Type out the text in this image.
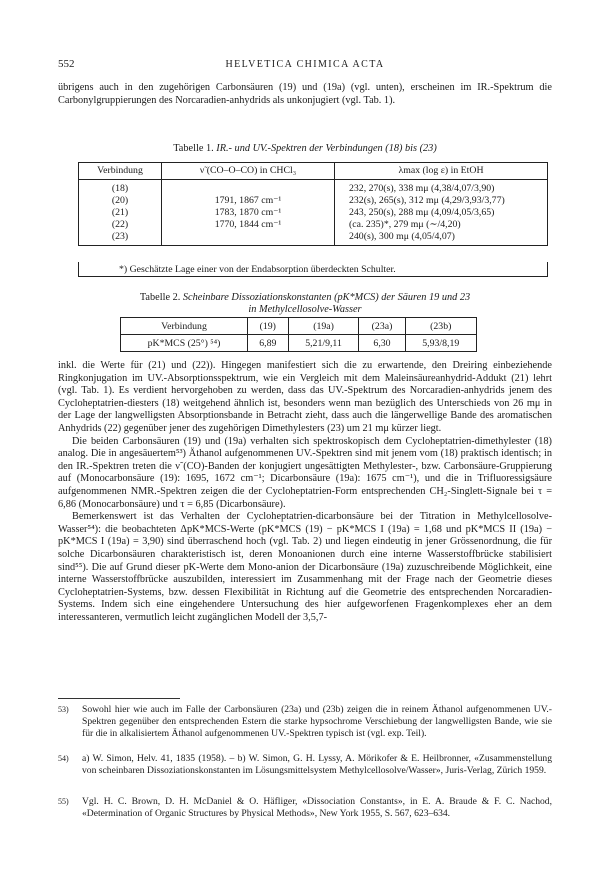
552	HELVETICA CHIMICA ACTA

übrigens auch in den zugehörigen Carbonsäuren (19) und (19a) (vgl. unten), erscheinen im IR.-Spektrum die Carbonylgruppierungen des Norcaradien-anhydrids als unkonjugiert (vgl. Tab. 1).

Tabelle 1. IR.- und UV.-Spektren der Verbindungen (18) bis (23)
Verbindung	ν̃ (CO–O–CO) in CHCl₃	λmax (log ε) in EtOH
(18)		232, 270(s), 338 mμ (4,38/4,07/3,90)
(20)	1791, 1867 cm⁻¹	232(s), 265(s), 312 mμ (4,29/3,93/3,77)
(21)	1783, 1870 cm⁻¹	243, 250(s), 288 mμ (4,09/4,05/3,65)
(22)	1770, 1844 cm⁻¹	(ca. 235)*, 279 mμ (∼/4,20)
(23)		240(s), 300 mμ (4,05/4,07)
*) Geschätzte Lage einer von der Endabsorption überdeckten Schulter.
Tabelle 2. Scheinbare Dissoziationskonstanten (pK*MCS) der Säuren 19 und 23
in Methylcellosolve-Wasser
Verbindung	(19)	(19a)	(23a)	(23b)
pK*MCS (25°) ⁵⁴)	6,89	5,21/9,11	6,30	5,93/8,19

inkl. die Werte für (21) und (22)). Hingegen manifestiert sich die zu erwartende, den Dreiring einbeziehende Ringkonjugation im UV.-Absorptionsspektrum, wie ein Vergleich mit dem Maleinsäureanhydrid-Addukt (21) lehrt (vgl. Tab. 1). Es verdient hervorgehoben zu werden, dass das UV.-Spektrum des Norcaradien-anhydrids jenem des Cycloheptatrien-diesters (18) weitgehend ähnlich ist, besonders wenn man bezüglich des Unterschieds von 26 mμ in der Lage der langwelligsten Absorptionsbande in Betracht zieht, dass auch die längerwellige Bande des aromatischen Anhydrids (22) gegenüber jener des zugehörigen Dimethylesters (23) um 21 mμ kürzer liegt.

Die beiden Carbonsäuren (19) und (19a) verhalten sich spektroskopisch dem Cycloheptatrien-dimethylester (18) analog. Die in angesäuertem⁵³) Äthanol aufgenommenen UV.-Spektren sind mit jenem vom (18) praktisch identisch; in den IR.-Spektren treten die ν̃ (CO)-Banden der konjugiert ungesättigten Methylester-, bzw. Carbonsäure-Gruppierung auf (Monocarbonsäure (19): 1695, 1672 cm⁻¹; Dicarbonsäure (19a): 1675 cm⁻¹), und die in Trifluoressigsäure aufgenommenen NMR.-Spektren zeigen die der Cycloheptatrien-Form entsprechenden CH₂-Singlett-Signale bei τ = 6,86 (Monocarbonsäure) und τ = 6,85 (Dicarbonsäure).

Bemerkenswert ist das Verhalten der Cycloheptatrien-dicarbonsäure bei der Titration in Methylcellosolve-Wasser⁵⁴): die beobachteten ΔpK*MCS-Werte (pK*MCS (19) − pK*MCS I (19a) = 1,68 und pK*MCS II (19a) − pK*MCS I (19a) = 3,90) sind überraschend hoch (vgl. Tab. 2) und liegen eindeutig in jener Grössenordnung, die für solche Dicarbonsäuren charakteristisch ist, deren Monoanionen durch eine interne Wasserstoffbrücke stabilisiert sind⁵⁵). Die auf Grund dieser pK-Werte dem Mono-anion der Dicarbonsäure (19a) zuzuschreibende Möglichkeit, eine interne Wasserstoffbrücke auszubilden, interessiert im Zusammenhang mit der Frage nach der Geometrie dieses Cycloheptatrien-Systems, bzw. dessen Flexibilität in Richtung auf die Geometrie des entsprechenden Norcaradien-Systems. Indem sich eine eingehendere Untersuchung des hier aufgeworfenen Fragenkomplexes eher an dem interessanteren, vermutlich leicht zugänglichen Modell der 3,5,7-

53) Sowohl hier wie auch im Falle der Carbonsäuren (23a) und (23b) zeigen die in reinem Äthanol aufgenommenen UV.-Spektren gegenüber den entsprechenden Estern die starke hypsochrome Verschiebung der langwelligsten Bande, wie sie für die in alkalisiertem Äthanol aufgenommenen UV.-Spektren typisch ist (vgl. exp. Teil).
54) a) W. Simon, Helv. 41, 1835 (1958). – b) W. Simon, G. H. Lyssy, A. Mörikofer & E. Heilbronner, «Zusammenstellung von scheinbaren Dissoziationskonstanten im Lösungsmittelsystem Methylcellosolve/Wasser», Juris-Verlag, Zürich 1959.
55) Vgl. H. C. Brown, D. H. McDaniel & O. Häfliger, «Dissociation Constants», in E. A. Braude & F. C. Nachod, «Determination of Organic Structures by Physical Methods», New York 1955, S. 567, 623–634.
